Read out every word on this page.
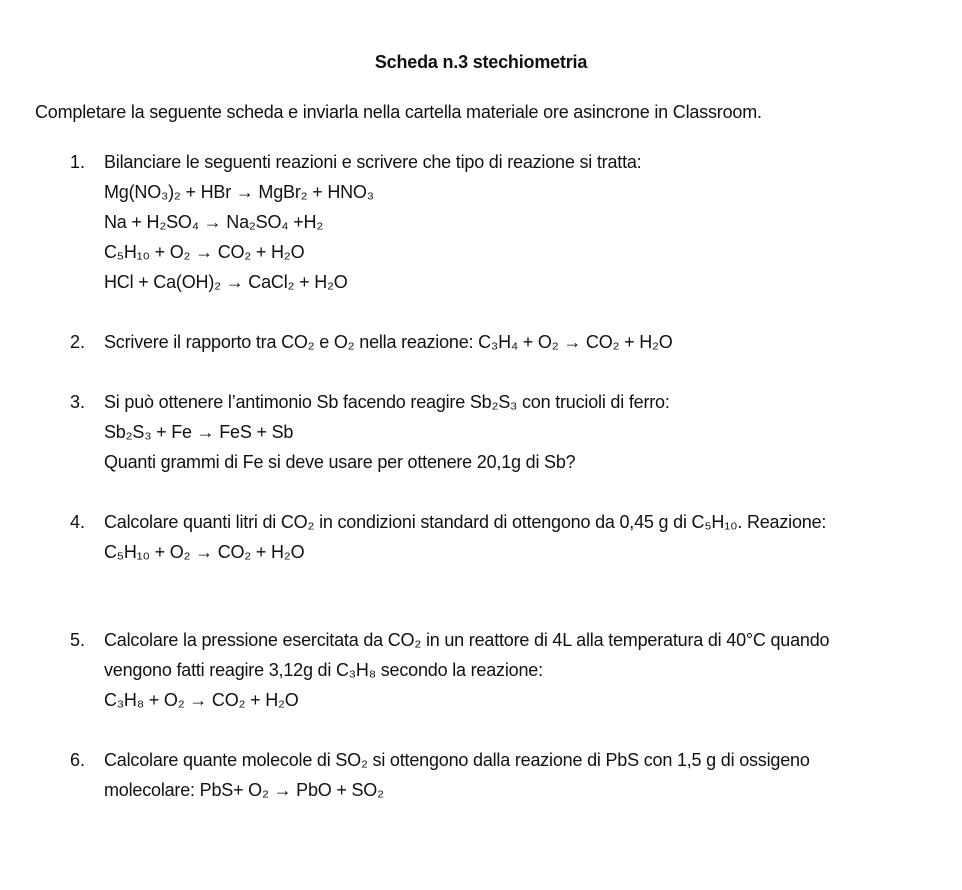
Scheda n.3 stechiometria
Completare la seguente scheda e inviarla nella cartella materiale ore asincrone in Classroom.
1. Bilanciare le seguenti reazioni e scrivere che tipo di reazione si tratta:
Mg(NO₃)₂ + HBr → MgBr₂ + HNO₃
Na + H₂SO₄ → Na₂SO₄ +H₂
C₅H₁₀ + O₂ → CO₂ + H₂O
HCl + Ca(OH)₂ → CaCl₂ + H₂O
2. Scrivere il rapporto tra CO₂ e O₂ nella reazione: C₃H₄ + O₂ → CO₂ + H₂O
3. Si può ottenere l’antimonio Sb facendo reagire Sb₂S₃ con trucioli di ferro:
Sb₂S₃ + Fe → FeS + Sb
Quanti grammi di Fe si deve usare per ottenere 20,1g di Sb?
4. Calcolare quanti litri di CO₂ in condizioni standard di ottengono da 0,45 g di C₅H₁₀. Reazione:
C₅H₁₀ + O₂ → CO₂ + H₂O
5. Calcolare la pressione esercitata da CO₂ in un reattore di 4L alla temperatura di 40°C quando
vengono fatti reagire 3,12g di C₃H₈ secondo la reazione:
C₃H₈ + O₂ → CO₂ + H₂O
6. Calcolare quante molecole di SO₂ si ottengono dalla reazione di PbS con 1,5 g di ossigeno
molecolare: PbS+ O₂ → PbO + SO₂
